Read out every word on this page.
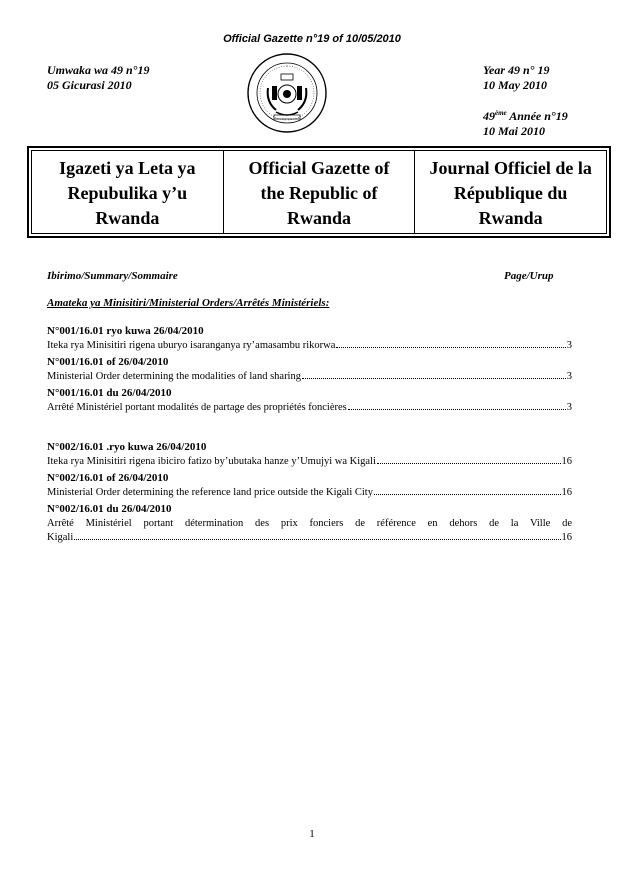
Official Gazette n°19 of 10/05/2010
Umwaka wa 49 n°19
05 Gicurasi 2010
Year 49 n° 19
10 May 2010
49ème Année n°19
10 Mai 2010
Igazeti ya Leta ya
Repubulika y’u
Rwanda
Official Gazette of
the Republic of
Rwanda
Journal Officiel de la
République du
Rwanda
Ibirimo/Summary/Sommaire	Page/Urup
Amateka ya Minisitiri/Ministerial Orders/Arrêtés Ministériels:
N°001/16.01 ryo kuwa 26/04/2010
Iteka rya Minisitiri rigena uburyo isaranganya ry’amasambu rikorwa	3
N°001/16.01 of 26/04/2010
Ministerial Order determining the modalities of land sharing	3
N°001/16.01 du 26/04/2010
Arrêté Ministériel portant modalités de partage des propriétés foncières	3
N°002/16.01 .ryo kuwa 26/04/2010
Iteka rya Minisitiri rigena ibiciro fatizo by’ubutaka hanze y’Umujyi wa Kigali	16
N°002/16.01 of 26/04/2010
Ministerial Order determining the reference land price outside the Kigali City	16
N°002/16.01 du 26/04/2010
Arrêté Ministériel portant détermination des prix fonciers de référence en dehors de la Ville de
Kigali	16
1
